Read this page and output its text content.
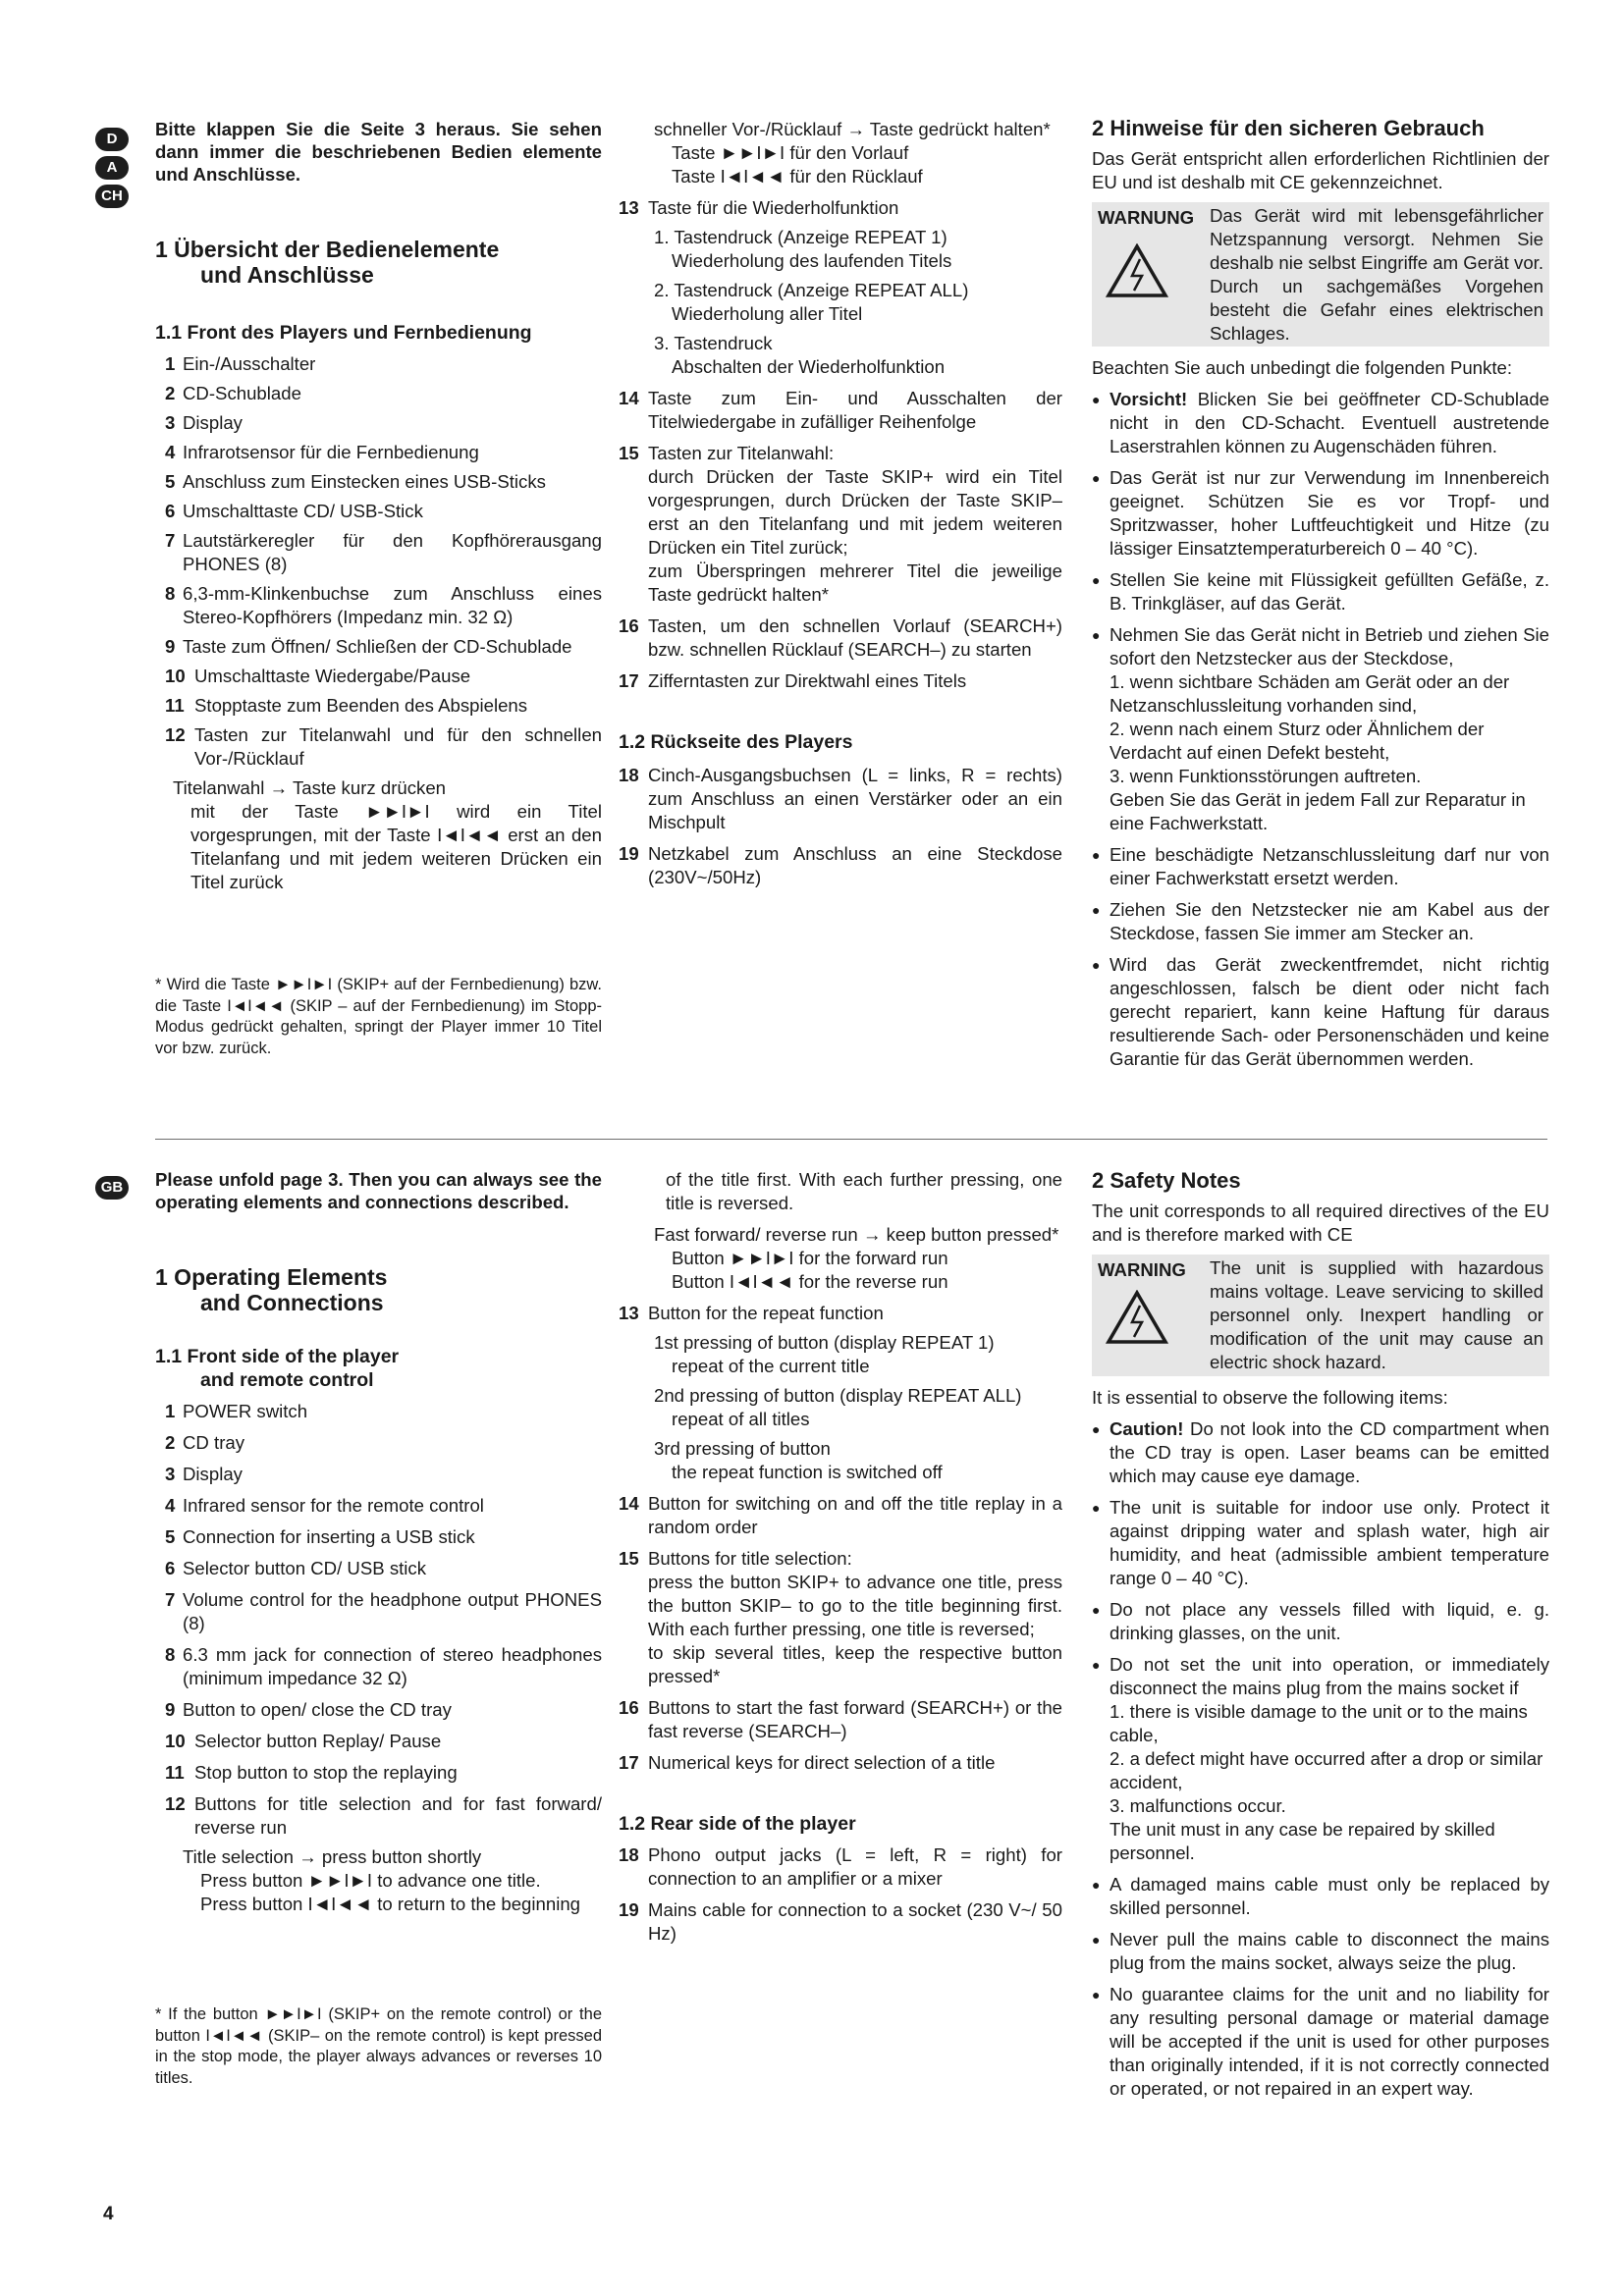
D
A
CH
Bitte klappen Sie die Seite 3 heraus. Sie sehen dann immer die beschriebenen Bedien elemente und Anschlüsse.
1 Übersicht der Bedienelemente
und Anschlüsse
1.1 Front des Players und Fernbedienung
1 Ein-/Ausschalter
2 CD-Schublade
3 Display
4 Infrarotsensor für die Fernbedienung
5 Anschluss zum Einstecken eines USB-Sticks
6 Umschalttaste CD/ USB-Stick
7 Lautstärkeregler für den Kopfhörerausgang PHONES (8)
8 6,3-mm-Klinkenbuchse zum Anschluss eines Stereo-Kopfhörers (Impedanz min. 32 Ω)
9 Taste zum Öffnen/ Schließen der CD-Schublade
10 Umschalttaste Wiedergabe/Pause
11 Stopptaste zum Beenden des Abspielens
12 Tasten zur Titelanwahl und für den schnellen Vor-/Rücklauf
Titelanwahl → Taste kurz drücken
mit der Taste ►►I►I wird ein Titel vorgesprungen, mit der Taste I◄I◄◄ erst an den Titelanfang und mit jedem weiteren Drücken ein Titel zurück
* Wird die Taste ►►I►I (SKIP+ auf der Fernbedienung) bzw. die Taste I◄I◄◄ (SKIP – auf der Fernbedienung) im Stopp-Modus gedrückt gehalten, springt der Player immer 10 Titel vor bzw. zurück.
schneller Vor-/Rücklauf → Taste gedrückt halten*
Taste ►►I►I für den Vorlauf
Taste I◄I◄◄ für den Rücklauf
13 Taste für die Wiederholfunktion
1. Tastendruck (Anzeige REPEAT 1)
Wiederholung des laufenden Titels
2. Tastendruck (Anzeige REPEAT ALL)
Wiederholung aller Titel
3. Tastendruck
Abschalten der Wiederholfunktion
14 Taste zum Ein- und Ausschalten der Titelwiedergabe in zufälliger Reihenfolge
15 Tasten zur Titelanwahl:
durch Drücken der Taste SKIP+ wird ein Titel vorgesprungen, durch Drücken der Taste SKIP– erst an den Titelanfang und mit jedem weiteren Drücken ein Titel zurück;
zum Überspringen mehrerer Titel die jeweilige Taste gedrückt halten*
16 Tasten, um den schnellen Vorlauf (SEARCH+) bzw. schnellen Rücklauf (SEARCH–) zu starten
17 Zifferntasten zur Direktwahl eines Titels
1.2 Rückseite des Players
18 Cinch-Ausgangsbuchsen (L = links, R = rechts) zum Anschluss an einen Verstärker oder an ein Mischpult
19 Netzkabel zum Anschluss an eine Steckdose (230V~/50Hz)
2 Hinweise für den sicheren Gebrauch
Das Gerät entspricht allen erforderlichen Richtlinien der EU und ist deshalb mit CE gekennzeichnet.
WARNUNG Das Gerät wird mit lebensgefährlicher Netzspannung versorgt. Nehmen Sie deshalb nie selbst Eingriffe am Gerät vor. Durch un sachgemäßes Vorgehen besteht die Gefahr eines elektrischen Schlages.
Beachten Sie auch unbedingt die folgenden Punkte:
● Vorsicht! Blicken Sie bei geöffneter CD-Schublade nicht in den CD-Schacht. Eventuell austretende Laserstrahlen können zu Augenschäden führen.
● Das Gerät ist nur zur Verwendung im Innenbereich geeignet. Schützen Sie es vor Tropf- und Spritzwasser, hoher Luftfeuchtigkeit und Hitze (zu lässiger Einsatztemperaturbereich 0 – 40 °C).
● Stellen Sie keine mit Flüssigkeit gefüllten Gefäße, z. B. Trinkgläser, auf das Gerät.
● Nehmen Sie das Gerät nicht in Betrieb und ziehen Sie sofort den Netzstecker aus der Steckdose,
1. wenn sichtbare Schäden am Gerät oder an der Netzanschlussleitung vorhanden sind,
2. wenn nach einem Sturz oder Ähnlichem der Verdacht auf einen Defekt besteht,
3. wenn Funktionsstörungen auftreten.
Geben Sie das Gerät in jedem Fall zur Reparatur in eine Fachwerkstatt.
● Eine beschädigte Netzanschlussleitung darf nur von einer Fachwerkstatt ersetzt werden.
● Ziehen Sie den Netzstecker nie am Kabel aus der Steckdose, fassen Sie immer am Stecker an.
● Wird das Gerät zweckentfremdet, nicht richtig angeschlossen, falsch be dient oder nicht fach gerecht repariert, kann keine Haftung für daraus resultierende Sach- oder Personenschäden und keine Garantie für das Gerät übernommen werden.
GB	Please unfold page 3. Then you can always see the operating elements and connections described.
1 Operating Elements
and Connections
1.1 Front side of the player
and remote control
1 POWER switch
2 CD tray
3 Display
4 Infrared sensor for the remote control
5 Connection for inserting a USB stick
6 Selector button CD/ USB stick
7 Volume control for the headphone output PHONES (8)
8 6.3 mm jack for connection of stereo headphones (minimum impedance 32 Ω)
9 Button to open/ close the CD tray
10 Selector button Replay/ Pause
11 Stop button to stop the replaying
12 Buttons for title selection and for fast forward/ reverse run
Title selection → press button shortly
Press button ►►I►I to advance one title.
Press button I◄I◄◄ to return to the beginning
* If the button ►►I►I (SKIP+ on the remote control) or the button I◄I◄◄ (SKIP– on the remote control) is kept pressed in the stop mode, the player always advances or reverses 10 titles.
of the title first. With each further pressing, one title is reversed.
Fast forward/ reverse run → keep button pressed*
Button ►►I►I for the forward run
Button I◄I◄◄ for the reverse run
13 Button for the repeat function
1st pressing of button (display REPEAT 1)
repeat of the current title
2nd pressing of button (display REPEAT ALL)
repeat of all titles
3rd pressing of button
the repeat function is switched off
14 Button for switching on and off the title replay in a random order
15 Buttons for title selection:
press the button SKIP+ to advance one title, press the button SKIP– to go to the title beginning first. With each further pressing, one title is reversed;
to skip several titles, keep the respective button pressed*
16 Buttons to start the fast forward (SEARCH+) or the fast reverse (SEARCH–)
17 Numerical keys for direct selection of a title
1.2 Rear side of the player
18 Phono output jacks (L = left, R = right) for connection to an amplifier or a mixer
19 Mains cable for connection to a socket (230 V~/ 50 Hz)
2 Safety Notes
The unit corresponds to all required directives of the EU and is therefore marked with CE
WARNING The unit is supplied with hazardous mains voltage. Leave servicing to skilled personnel only. Inexpert handling or modification of the unit may cause an electric shock hazard.
It is essential to observe the following items:
● Caution! Do not look into the CD compartment when the CD tray is open. Laser beams can be emitted which may cause eye damage.
● The unit is suitable for indoor use only. Protect it against dripping water and splash water, high air humidity, and heat (admissible ambient temperature range 0 – 40 °C).
● Do not place any vessels filled with liquid, e. g. drinking glasses, on the unit.
● Do not set the unit into operation, or immediately disconnect the mains plug from the mains socket if
1. there is visible damage to the unit or to the mains cable,
2. a defect might have occurred after a drop or similar accident,
3. malfunctions occur.
The unit must in any case be repaired by skilled personnel.
● A damaged mains cable must only be replaced by skilled personnel.
● Never pull the mains cable to disconnect the mains plug from the mains socket, always seize the plug.
● No guarantee claims for the unit and no liability for any resulting personal damage or material damage will be accepted if the unit is used for other purposes than originally intended, if it is not correctly connected or operated, or not repaired in an expert way.
4
